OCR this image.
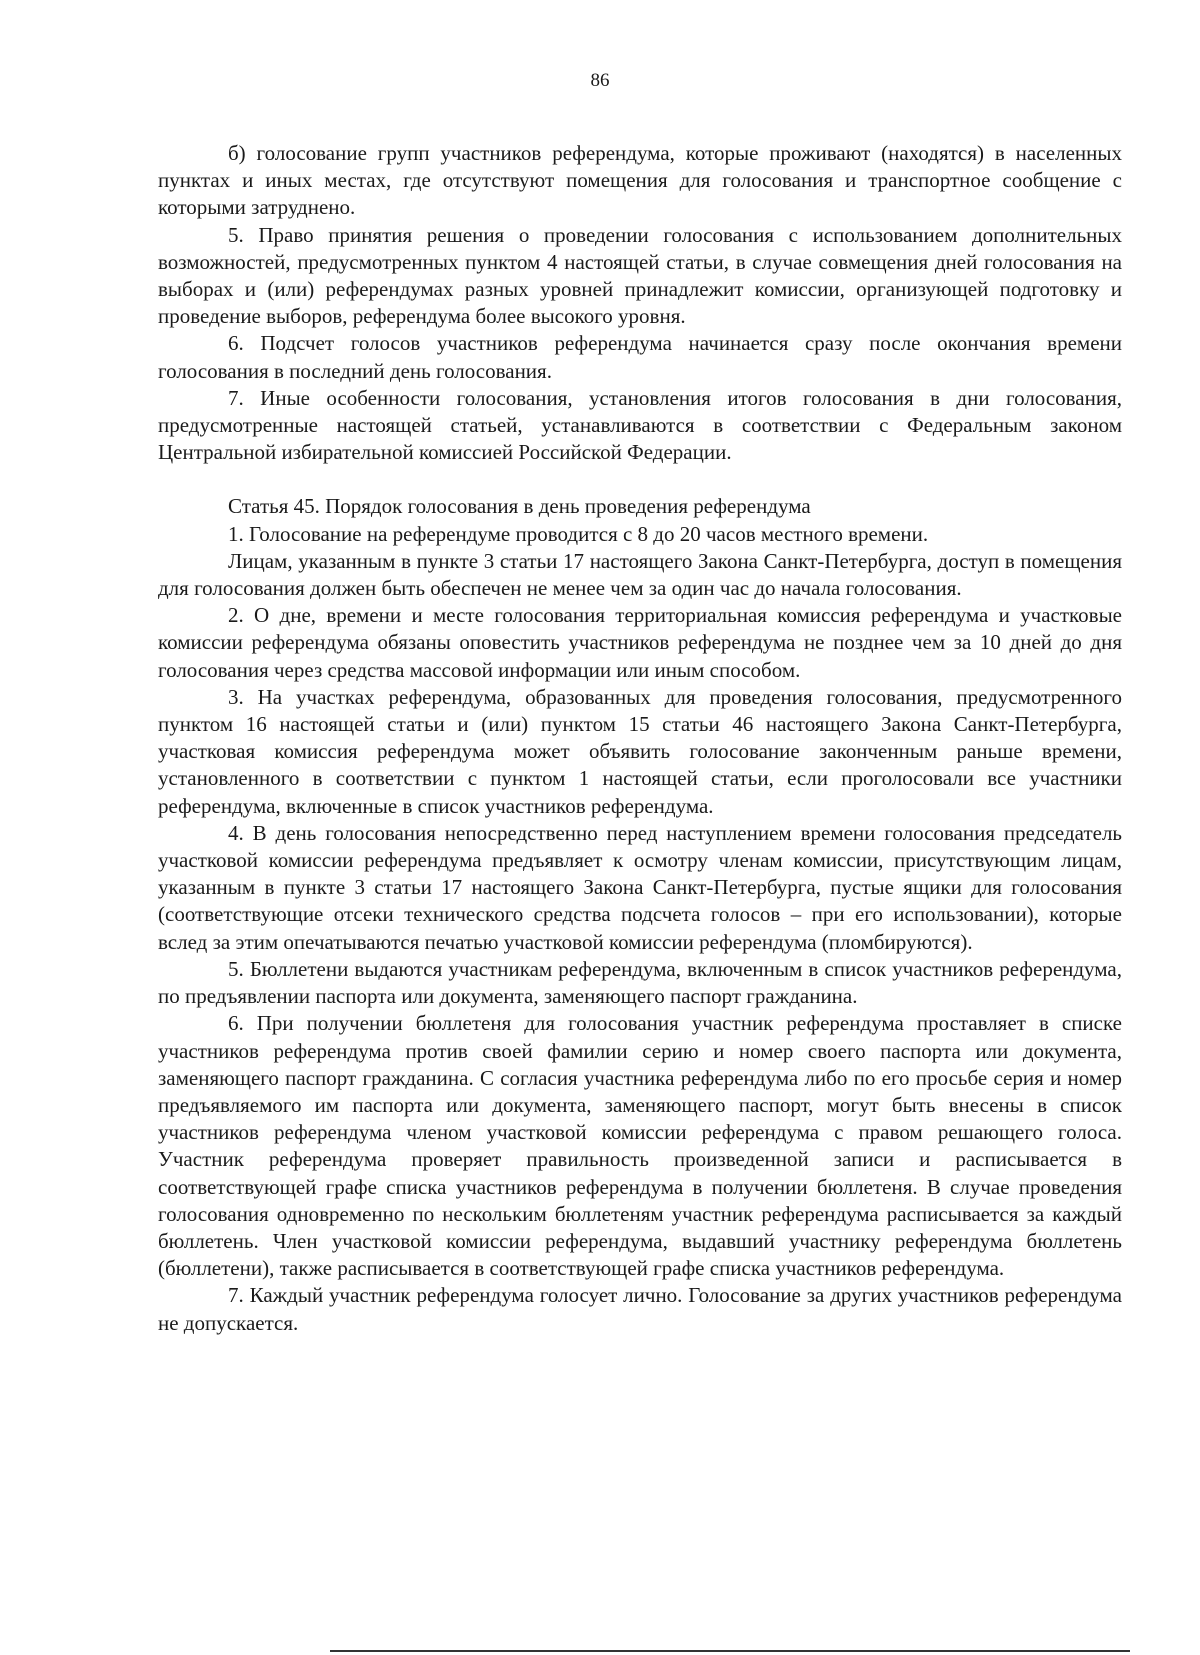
86

б) голосование групп участников референдума, которые проживают (находятся) в населенных пунктах и иных местах, где отсутствуют помещения для голосования и транспортное сообщение с которыми затруднено.

5. Право принятия решения о проведении голосования с использованием дополнительных возможностей, предусмотренных пунктом 4 настоящей статьи, в случае совмещения дней голосования на выборах и (или) референдумах разных уровней принадлежит комиссии, организующей подготовку и проведение выборов, референдума более высокого уровня.

6. Подсчет голосов участников референдума начинается сразу после окончания времени голосования в последний день голосования.

7. Иные особенности голосования, установления итогов голосования в дни голосования, предусмотренные настоящей статьей, устанавливаются в соответствии с Федеральным законом Центральной избирательной комиссией Российской Федерации.

Статья 45. Порядок голосования в день проведения референдума

1. Голосование на референдуме проводится с 8 до 20 часов местного времени.

Лицам, указанным в пункте 3 статьи 17 настоящего Закона Санкт-Петербурга, доступ в помещения для голосования должен быть обеспечен не менее чем за один час до начала голосования.

2. О дне, времени и месте голосования территориальная комиссия референдума и участковые комиссии референдума обязаны оповестить участников референдума не позднее чем за 10 дней до дня голосования через средства массовой информации или иным способом.

3. На участках референдума, образованных для проведения голосования, предусмотренного пунктом 16 настоящей статьи и (или) пунктом 15 статьи 46 настоящего Закона Санкт-Петербурга, участковая комиссия референдума может объявить голосование законченным раньше времени, установленного в соответствии с пунктом 1 настоящей статьи, если проголосовали все участники референдума, включенные в список участников референдума.

4. В день голосования непосредственно перед наступлением времени голосования председатель участковой комиссии референдума предъявляет к осмотру членам комиссии, присутствующим лицам, указанным в пункте 3 статьи 17 настоящего Закона Санкт-Петербурга, пустые ящики для голосования (соответствующие отсеки технического средства подсчета голосов – при его использовании), которые вслед за этим опечатываются печатью участковой комиссии референдума (пломбируются).

5. Бюллетени выдаются участникам референдума, включенным в список участников референдума, по предъявлении паспорта или документа, заменяющего паспорт гражданина.

6. При получении бюллетеня для голосования участник референдума проставляет в списке участников референдума против своей фамилии серию и номер своего паспорта или документа, заменяющего паспорт гражданина. С согласия участника референдума либо по его просьбе серия и номер предъявляемого им паспорта или документа, заменяющего паспорт, могут быть внесены в список участников референдума членом участковой комиссии референдума с правом решающего голоса. Участник референдума проверяет правильность произведенной записи и расписывается в соответствующей графе списка участников референдума в получении бюллетеня. В случае проведения голосования одновременно по нескольким бюллетеням участник референдума расписывается за каждый бюллетень. Член участковой комиссии референдума, выдавший участнику референдума бюллетень (бюллетени), также расписывается в соответствующей графе списка участников референдума.

7. Каждый участник референдума голосует лично. Голосование за других участников референдума не допускается.
